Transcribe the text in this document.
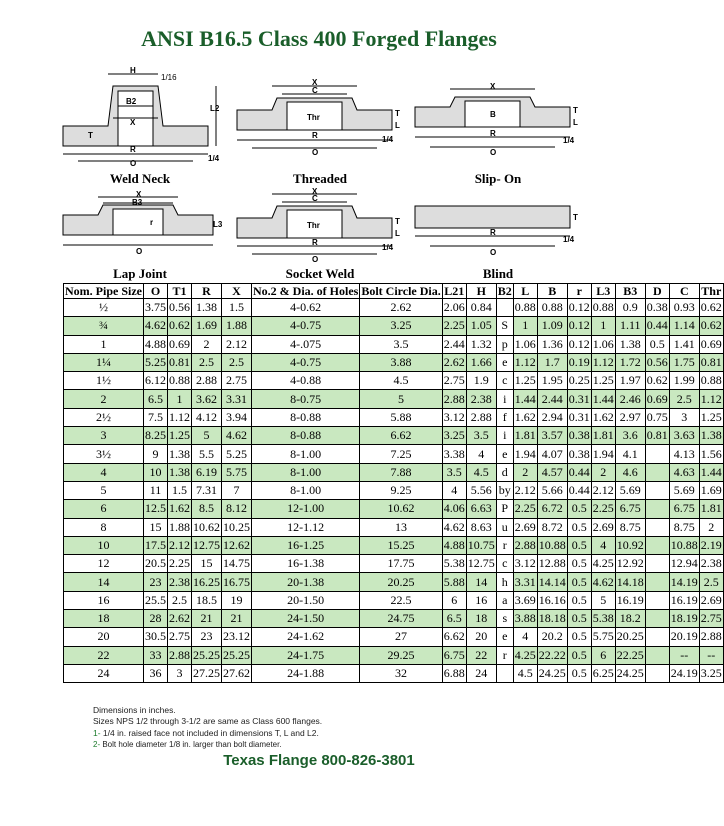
ANSI B16.5 Class 400 Forged Flanges
H
1/16
B2
X
T
L2
R
O
1/4
Weld Neck
X
C
Thr	T
L
R
O
1/4
Threaded
X
B	T
L
R
O
1/4
Slip- On
X
B3
r	L3
O
Lap Joint
X
C
Thr	T
L
R
O
1/4
Socket Weld
R
O
T
1/4
Blind
Nom. Pipe Size	O	T1	R	X	No.2 & Dia. of Holes	Bolt Circle Dia.	L21	H	B2	L	B	r	L3	B3	D	C	Thr
½	3.75	0.56	1.38	1.5	4-0.62	2.62	2.06	0.84		0.88	0.88	0.12	0.88	0.9	0.38	0.93	0.62
¾	4.62	0.62	1.69	1.88	4-0.75	3.25	2.25	1.05	S	1	1.09	0.12	1	1.11	0.44	1.14	0.62
1	4.88	0.69	2	2.12	4-.075	3.5	2.44	1.32	p	1.06	1.36	0.12	1.06	1.38	0.5	1.41	0.69
1¼	5.25	0.81	2.5	2.5	4-0.75	3.88	2.62	1.66	e	1.12	1.7	0.19	1.12	1.72	0.56	1.75	0.81
1½	6.12	0.88	2.88	2.75	4-0.88	4.5	2.75	1.9	c	1.25	1.95	0.25	1.25	1.97	0.62	1.99	0.88
2	6.5	1	3.62	3.31	8-0.75	5	2.88	2.38	i	1.44	2.44	0.31	1.44	2.46	0.69	2.5	1.12
2½	7.5	1.12	4.12	3.94	8-0.88	5.88	3.12	2.88	f	1.62	2.94	0.31	1.62	2.97	0.75	3	1.25
3	8.25	1.25	5	4.62	8-0.88	6.62	3.25	3.5	i	1.81	3.57	0.38	1.81	3.6	0.81	3.63	1.38
3½	9	1.38	5.5	5.25	8-1.00	7.25	3.38	4	e	1.94	4.07	0.38	1.94	4.1		4.13	1.56
4	10	1.38	6.19	5.75	8-1.00	7.88	3.5	4.5	d	2	4.57	0.44	2	4.6		4.63	1.44
5	11	1.5	7.31	7	8-1.00	9.25	4	5.56	by	2.12	5.66	0.44	2.12	5.69		5.69	1.69
6	12.5	1.62	8.5	8.12	12-1.00	10.62	4.06	6.63	P	2.25	6.72	0.5	2.25	6.75		6.75	1.81
8	15	1.88	10.62	10.25	12-1.12	13	4.62	8.63	u	2.69	8.72	0.5	2.69	8.75		8.75	2
10	17.5	2.12	12.75	12.62	16-1.25	15.25	4.88	10.75	r	2.88	10.88	0.5	4	10.92		10.88	2.19
12	20.5	2.25	15	14.75	16-1.38	17.75	5.38	12.75	c	3.12	12.88	0.5	4.25	12.92		12.94	2.38
14	23	2.38	16.25	16.75	20-1.38	20.25	5.88	14	h	3.31	14.14	0.5	4.62	14.18		14.19	2.5
16	25.5	2.5	18.5	19	20-1.50	22.5	6	16	a	3.69	16.16	0.5	5	16.19		16.19	2.69
18	28	2.62	21	21	24-1.50	24.75	6.5	18	s	3.88	18.18	0.5	5.38	18.2		18.19	2.75
20	30.5	2.75	23	23.12	24-1.62	27	6.62	20	e	4	20.2	0.5	5.75	20.25		20.19	2.88
22	33	2.88	25.25	25.25	24-1.75	29.25	6.75	22	r	4.25	22.22	0.5	6	22.25		--	--
24	36	3	27.25	27.62	24-1.88	32	6.88	24		4.5	24.25	0.5	6.25	24.25		24.19	3.25
Dimensions in inches.
Sizes NPS 1/2 through 3-1/2 are same as Class 600 flanges.
1- 1/4 in. raised face not included in dimensions T, L and L2.
2- Bolt hole diameter 1/8 in. larger than bolt diameter.
Texas Flange 800-826-3801
